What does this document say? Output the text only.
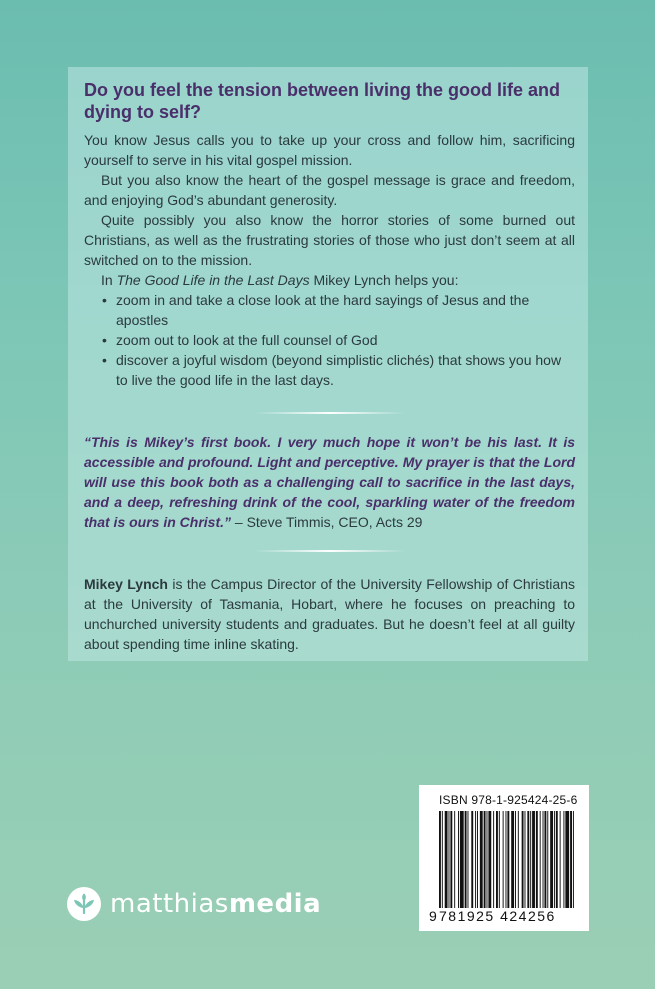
Do you feel the tension between living the good life and dying to self?

You know Jesus calls you to take up your cross and follow him, sacrificing yourself to serve in his vital gospel mission.

But you also know the heart of the gospel message is grace and freedom, and enjoying God’s abundant generosity.

Quite possibly you also know the horror stories of some burned out Christians, as well as the frustrating stories of those who just don’t seem at all switched on to the mission.

In The Good Life in the Last Days Mikey Lynch helps you:

• zoom in and take a close look at the hard sayings of Jesus and the apostles
• zoom out to look at the full counsel of God
• discover a joyful wisdom (beyond simplistic clichés) that shows you how to live the good life in the last days.

“This is Mikey’s first book. I very much hope it won’t be his last. It is accessible and profound. Light and perceptive. My prayer is that the Lord will use this book both as a challenging call to sacrifice in the last days, and a deep, refreshing drink of the cool, sparkling water of the freedom that is ours in Christ.” – Steve Timmis, CEO, Acts 29

Mikey Lynch is the Campus Director of the University Fellowship of Christians at the University of Tasmania, Hobart, where he focuses on preaching to unchurched university students and graduates. But he doesn’t feel at all guilty about spending time inline skating.

matthiasmedia
ISBN 978-1-925424-25-6
9781925 424256
